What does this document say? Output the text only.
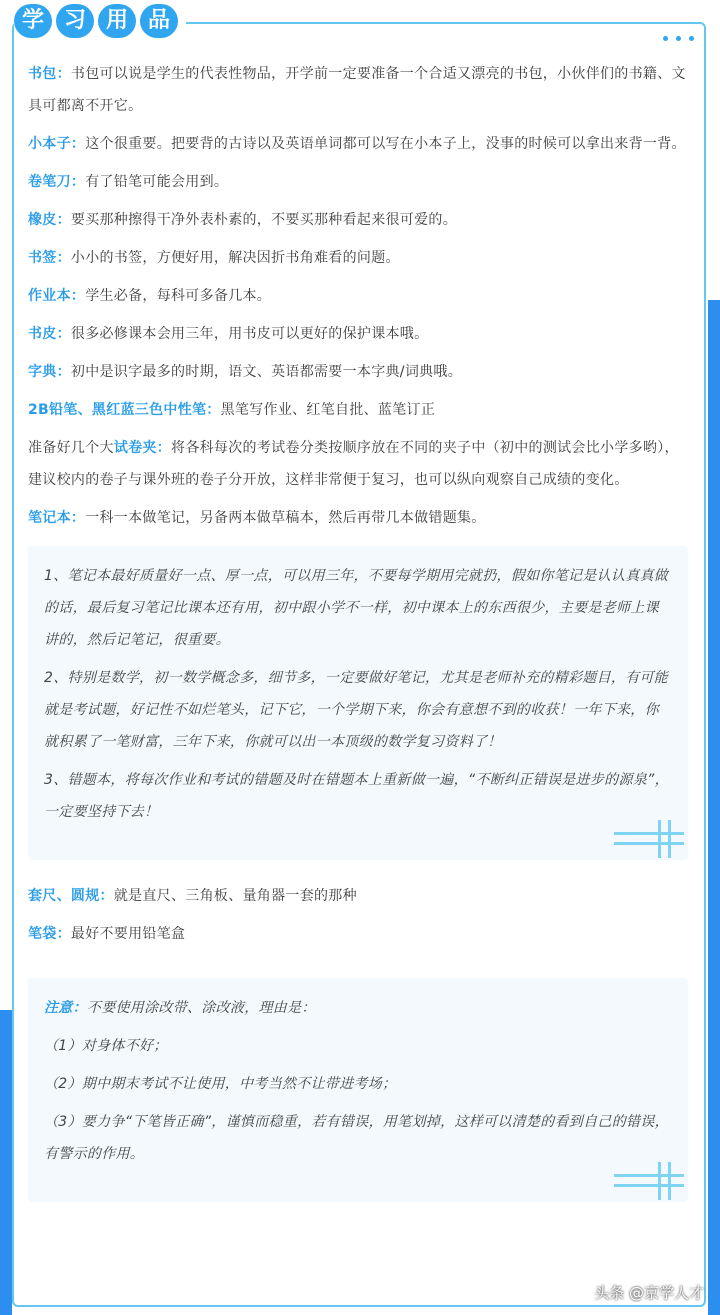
学 习 用 品

书包：书包可以说是学生的代表性物品，开学前一定要准备一个合适又漂亮的书包，小伙伴们的书籍、文具可都离不开它。

小本子：这个很重要。把要背的古诗以及英语单词都可以写在小本子上，没事的时候可以拿出来背一背。

卷笔刀：有了铅笔可能会用到。

橡皮：要买那种擦得干净外表朴素的，不要买那种看起来很可爱的。

书签：小小的书签，方便好用，解决因折书角难看的问题。

作业本：学生必备，每科可多备几本。

书皮：很多必修课本会用三年，用书皮可以更好的保护课本哦。

字典：初中是识字最多的时期，语文、英语都需要一本字典/词典哦。

2B铅笔、黑红蓝三色中性笔：黑笔写作业、红笔自批、蓝笔订正

准备好几个大试卷夹：将各科每次的考试卷分类按顺序放在不同的夹子中（初中的测试会比小学多哟），建议校内的卷子与课外班的卷子分开放，这样非常便于复习，也可以纵向观察自己成绩的变化。

笔记本：一科一本做笔记，另备两本做草稿本，然后再带几本做错题集。

1、笔记本最好质量好一点、厚一点，可以用三年，不要每学期用完就扔，假如你笔记是认认真真做的话，最后复习笔记比课本还有用，初中跟小学不一样，初中课本上的东西很少，主要是老师上课讲的，然后记笔记，很重要。

2、特别是数学，初一数学概念多，细节多，一定要做好笔记，尤其是老师补充的精彩题目，有可能就是考试题，好记性不如烂笔头，记下它，一个学期下来，你会有意想不到的收获！一年下来，你就积累了一笔财富，三年下来，你就可以出一本顶级的数学复习资料了！

3、错题本，将每次作业和考试的错题及时在错题本上重新做一遍，“不断纠正错误是进步的源泉”，一定要坚持下去！

套尺、圆规：就是直尺、三角板、量角器一套的那种

笔袋：最好不要用铅笔盒

注意：不要使用涂改带、涂改液，理由是：

（1）对身体不好；

（2）期中期末考试不让使用，中考当然不让带进考场；

（3）要力争“下笔皆正确”，谨慎而稳重，若有错误，用笔划掉，这样可以清楚的看到自己的错误，有警示的作用。

头条 @京学人才
